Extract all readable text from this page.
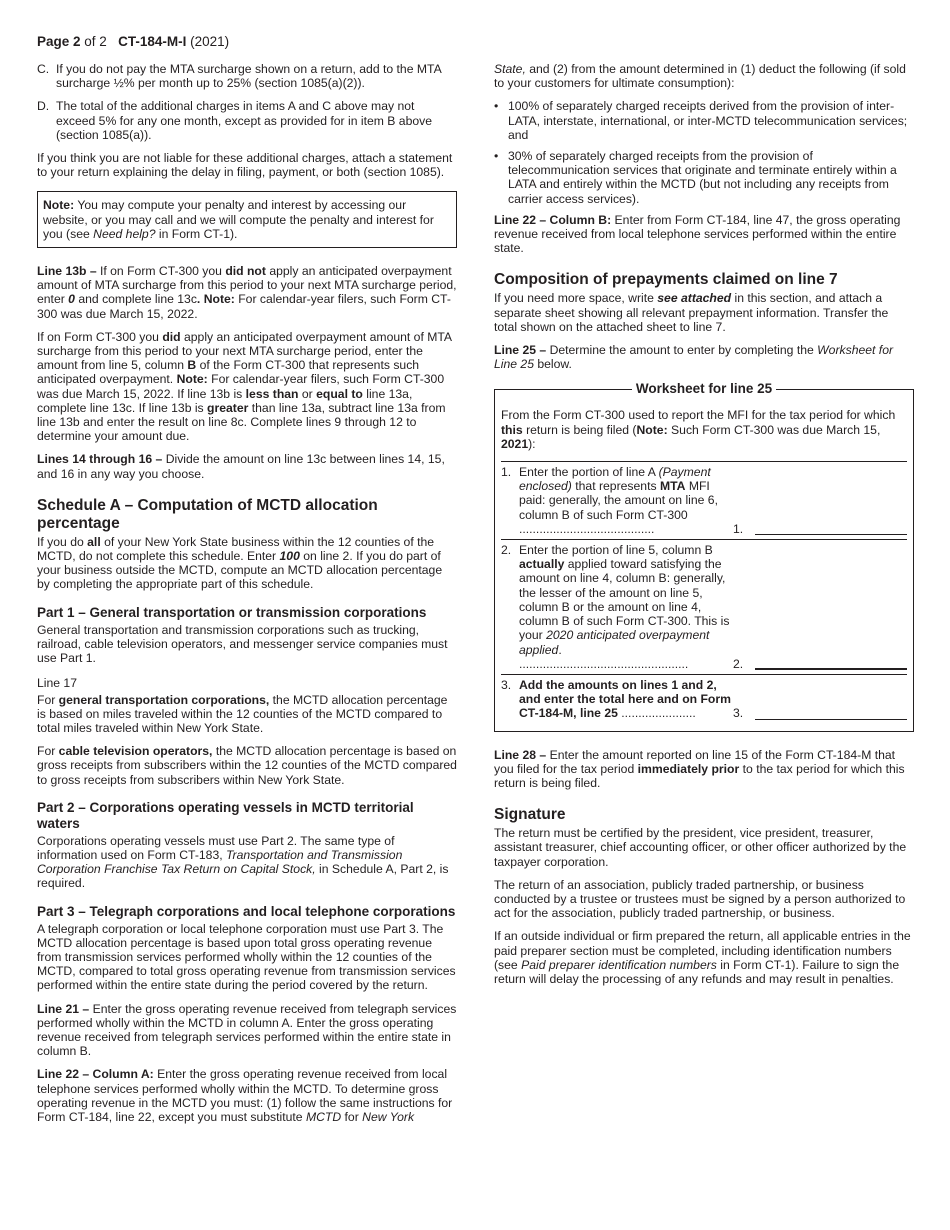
Page 2 of 2 CT-184-M-I (2021)
C. If you do not pay the MTA surcharge shown on a return, add to the MTA surcharge ½% per month up to 25% (section 1085(a)(2)).
D. The total of the additional charges in items A and C above may not exceed 5% for any one month, except as provided for in item B above (section 1085(a)).

If you think you are not liable for these additional charges, attach a statement to your return explaining the delay in filing, payment, or both (section 1085).

Note: You may compute your penalty and interest by accessing our website, or you may call and we will compute the penalty and interest for you (see Need help? in Form CT-1).

Line 13b – If on Form CT-300 you did not apply an anticipated overpayment amount of MTA surcharge from this period to your next MTA surcharge period, enter 0 and complete line 13c. Note: For calendar-year filers, such Form CT-300 was due March 15, 2022.

If on Form CT-300 you did apply an anticipated overpayment amount of MTA surcharge from this period to your next MTA surcharge period, enter the amount from line 5, column B of the Form CT-300 that represents such anticipated overpayment. Note: For calendar-year filers, such Form CT-300 was due March 15, 2022. If line 13b is less than or equal to line 13a, complete line 13c. If line 13b is greater than line 13a, subtract line 13a from line 13b and enter the result on line 8c. Complete lines 9 through 12 to determine your amount due.

Lines 14 through 16 – Divide the amount on line 13c between lines 14, 15, and 16 in any way you choose.

Schedule A – Computation of MCTD allocation percentage

If you do all of your New York State business within the 12 counties of the MCTD, do not complete this schedule. Enter 100 on line 2. If you do part of your business outside the MCTD, compute an MCTD allocation percentage by completing the appropriate part of this schedule.

Part 1 – General transportation or transmission corporations

General transportation and transmission corporations such as trucking, railroad, cable television operators, and messenger service companies must use Part 1.

Line 17

For general transportation corporations, the MCTD allocation percentage is based on miles traveled within the 12 counties of the MCTD compared to total miles traveled within New York State.

For cable television operators, the MCTD allocation percentage is based on gross receipts from subscribers within the 12 counties of the MCTD compared to gross receipts from subscribers within New York State.

Part 2 – Corporations operating vessels in MCTD territorial waters

Corporations operating vessels must use Part 2. The same type of information used on Form CT-183, Transportation and Transmission Corporation Franchise Tax Return on Capital Stock, in Schedule A, Part 2, is required.

Part 3 – Telegraph corporations and local telephone corporations

A telegraph corporation or local telephone corporation must use Part 3. The MCTD allocation percentage is based upon total gross operating revenue from transmission services performed wholly within the 12 counties of the MCTD, compared to total gross operating revenue from transmission services performed within the entire state during the period covered by the return.

Line 21 – Enter the gross operating revenue received from telegraph services performed wholly within the MCTD in column A. Enter the gross operating revenue received from telegraph services performed within the entire state in column B.

Line 22 – Column A: Enter the gross operating revenue received from local telephone services performed wholly within the MCTD. To determine gross operating revenue in the MCTD you must: (1) follow the same instructions for Form CT-184, line 22, except you must substitute MCTD for New York

State, and (2) from the amount determined in (1) deduct the following (if sold to your customers for ultimate consumption):

• 100% of separately charged receipts derived from the provision of inter-LATA, interstate, international, or inter-MCTD telecommunication services; and
• 30% of separately charged receipts from the provision of telecommunication services that originate and terminate entirely within a LATA and entirely within the MCTD (but not including any receipts from carrier access services).

Line 22 – Column B: Enter from Form CT-184, line 47, the gross operating revenue received from local telephone services performed within the entire state.

Composition of prepayments claimed on line 7

If you need more space, write see attached in this section, and attach a separate sheet showing all relevant prepayment information. Transfer the total shown on the attached sheet to line 7.

Line 25 – Determine the amount to enter by completing the Worksheet for Line 25 below.

Worksheet for line 25
From the Form CT-300 used to report the MFI for the tax period for which this return is being filed (Note: Such Form CT-300 was due March 15, 2021):
1. Enter the portion of line A (Payment enclosed) that represents MTA MFI paid: generally, the amount on line 6, column B of such Form CT-300 ........................................	1.
2. Enter the portion of line 5, column B actually applied toward satisfying the amount on line 4, column B: generally, the lesser of the amount on line 5, column B or the amount on line 4, column B of such Form CT-300. This is your 2020 anticipated overpayment applied. ..................................................	2.
3. Add the amounts on lines 1 and 2, and enter the total here and on Form CT-184-M, line 25 ......................	3.

Line 28 – Enter the amount reported on line 15 of the Form CT-184-M that you filed for the tax period immediately prior to the tax period for which this return is being filed.

Signature

The return must be certified by the president, vice president, treasurer, assistant treasurer, chief accounting officer, or other officer authorized by the taxpayer corporation.

The return of an association, publicly traded partnership, or business conducted by a trustee or trustees must be signed by a person authorized to act for the association, publicly traded partnership, or business.

If an outside individual or firm prepared the return, all applicable entries in the paid preparer section must be completed, including identification numbers (see Paid preparer identification numbers in Form CT-1). Failure to sign the return will delay the processing of any refunds and may result in penalties.
